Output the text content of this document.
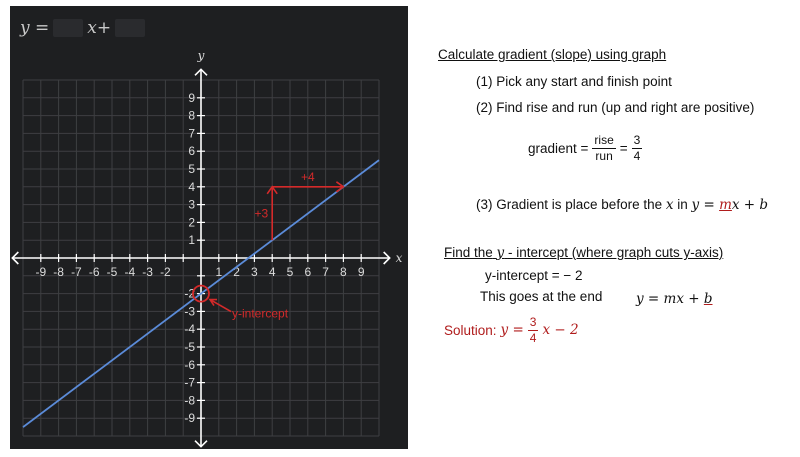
y = x+
-9 -8 -7 -6 -5 -4 -3 -2	1 2 3 4 5 6 7 8 9
9
8
7
6
5
4
3
2
1
-2
-3
-4
-5
-6
-7
-8
-9
x
y
+4
+3
y-intercept
Calculate gradient (slope) using graph
(1) Pick any start and finish point
(2) Find rise and run (up and right are positive)
gradient = $\frac{\text{rise}}{\text{run}} = \frac{3}{4}$
(3) Gradient is place before the x in y = mx + b
Find the y - intercept (where graph cuts y-axis)
y-intercept = − 2
This goes at the end y = mx + b
Solution: $y = \frac{3}{4}$ x − 2
